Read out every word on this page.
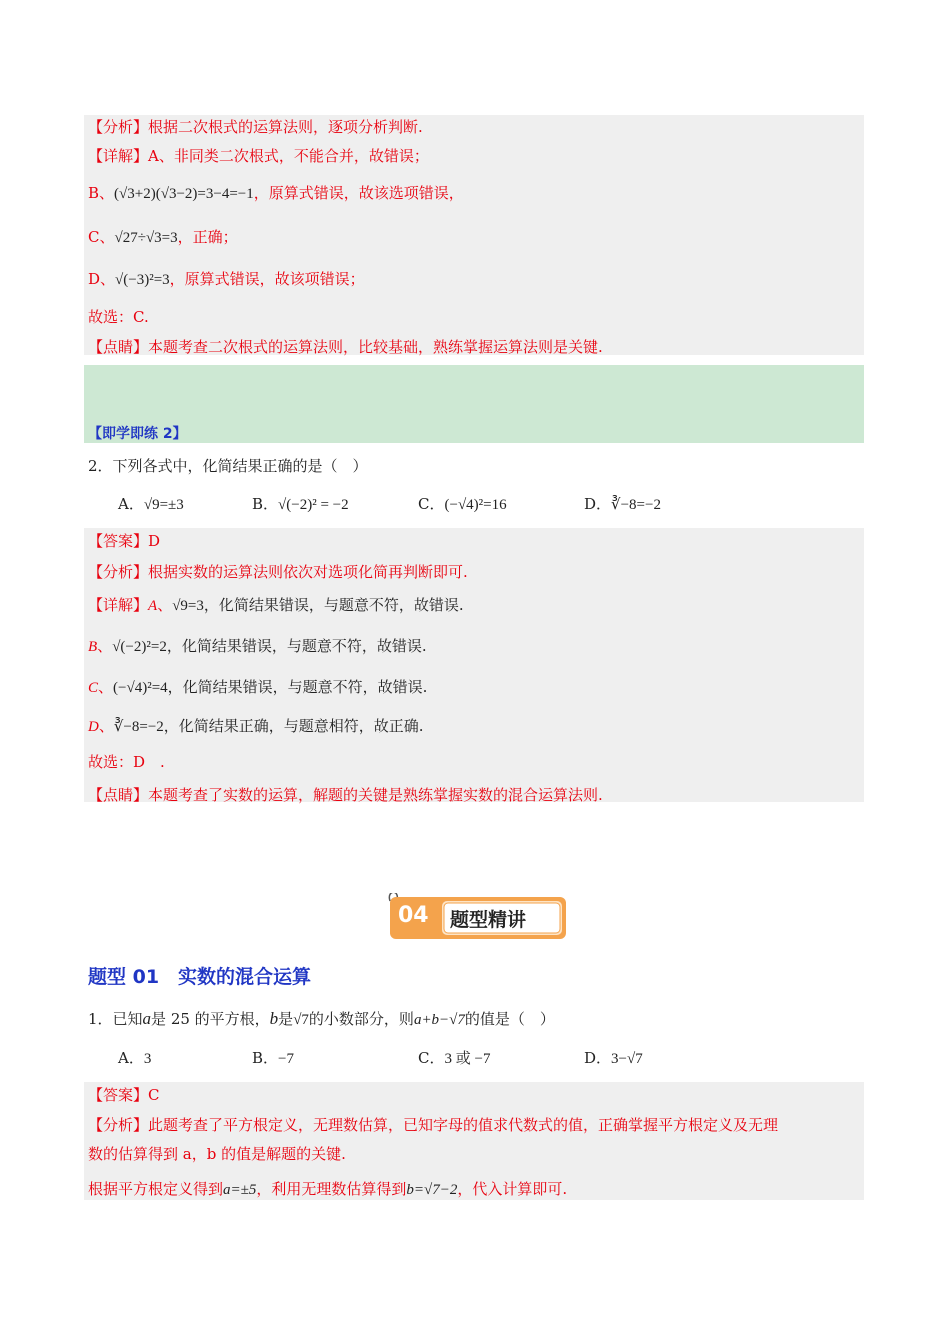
【分析】根据二次根式的运算法则，逐项分析判断.
【详解】A、非同类二次根式，不能合并，故错误；
B、(√3+2)(√3−2)=3−4=−1，原算式错误，故该选项错误，
C、√27÷√3=3，正确；
D、√(−3)²=3，原算式错误，故该项错误；
故选：C.
【点睛】本题考查二次根式的运算法则，比较基础，熟练掌握运算法则是关键.
【即学即练 2】
2．下列各式中，化简结果正确的是（　）
A．√9=±3	B．√(−2)² = −2	C．(−√4)²=16	D．∛−8=−2
【答案】D
【分析】根据实数的运算法则依次对选项化简再判断即可.
【详解】A、√9=3，化简结果错误，与题意不符，故错误.
B、√(−2)²=2，化简结果错误，与题意不符，故错误.
C、(−√4)²=4，化简结果错误，与题意不符，故错误.
D、∛−8=−2，化简结果正确，与题意相符，故正确.
故选：D　.
【点睛】本题考查了实数的运算，解题的关键是熟练掌握实数的混合运算法则.
04 题型精讲
题型 01　实数的混合运算
1．已知a是 25 的平方根，b是√7的小数部分，则a+b−√7的值是（　）
A．3	B．−7	C．3 或 −7	D．3−√7
【答案】C
【分析】此题考查了平方根定义，无理数估算，已知字母的值求代数式的值，正确掌握平方根定义及无理
数的估算得到 a，b 的值是解题的关键.
根据平方根定义得到a=±5，利用无理数估算得到b=√7−2，代入计算即可.
